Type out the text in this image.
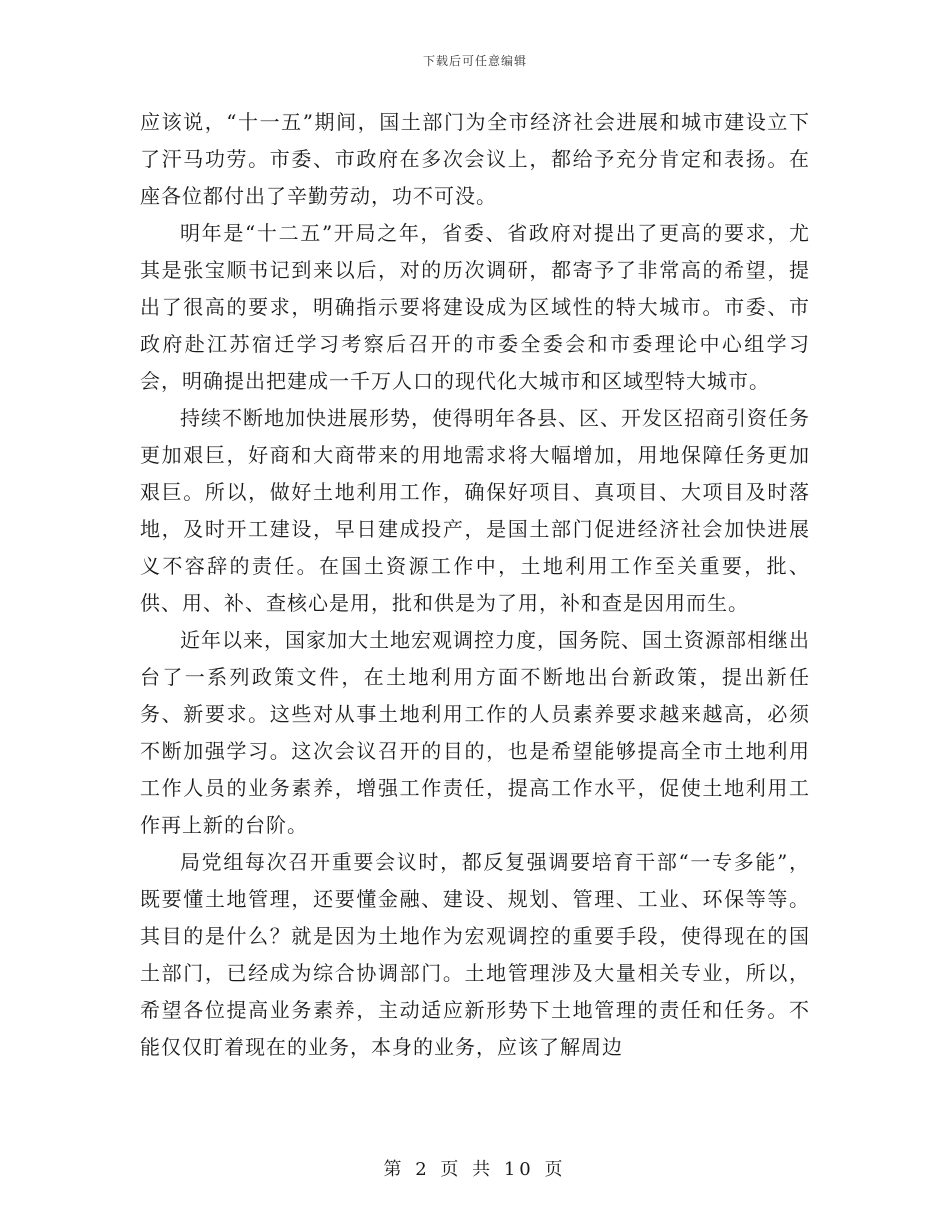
下载后可任意编辑

应该说，“十一五”期间，国土部门为全市经济社会进展和城市建设立下了汗马功劳。市委、市政府在多次会议上，都给予充分肯定和表扬。在座各位都付出了辛勤劳动，功不可没。

明年是“十二五”开局之年，省委、省政府对提出了更高的要求，尤其是张宝顺书记到来以后，对的历次调研，都寄予了非常高的希望，提出了很高的要求，明确指示要将建设成为区域性的特大城市。市委、市政府赴江苏宿迁学习考察后召开的市委全委会和市委理论中心组学习会，明确提出把建成一千万人口的现代化大城市和区域型特大城市。

持续不断地加快进展形势，使得明年各县、区、开发区招商引资任务更加艰巨，好商和大商带来的用地需求将大幅增加，用地保障任务更加艰巨。所以，做好土地利用工作，确保好项目、真项目、大项目及时落地，及时开工建设，早日建成投产，是国土部门促进经济社会加快进展义不容辞的责任。在国土资源工作中，土地利用工作至关重要，批、供、用、补、查核心是用，批和供是为了用，补和查是因用而生。

近年以来，国家加大土地宏观调控力度，国务院、国土资源部相继出台了一系列政策文件，在土地利用方面不断地出台新政策，提出新任务、新要求。这些对从事土地利用工作的人员素养要求越来越高，必须不断加强学习。这次会议召开的目的，也是希望能够提高全市土地利用工作人员的业务素养，增强工作责任，提高工作水平，促使土地利用工作再上新的台阶。

局党组每次召开重要会议时，都反复强调要培育干部“一专多能”，既要懂土地管理，还要懂金融、建设、规划、管理、工业、环保等等。其目的是什么？就是因为土地作为宏观调控的重要手段，使得现在的国土部门，已经成为综合协调部门。土地管理涉及大量相关专业，所以，希望各位提高业务素养，主动适应新形势下土地管理的责任和任务。不能仅仅盯着现在的业务，本身的业务，应该了解周边

第 2 页 共 10 页
